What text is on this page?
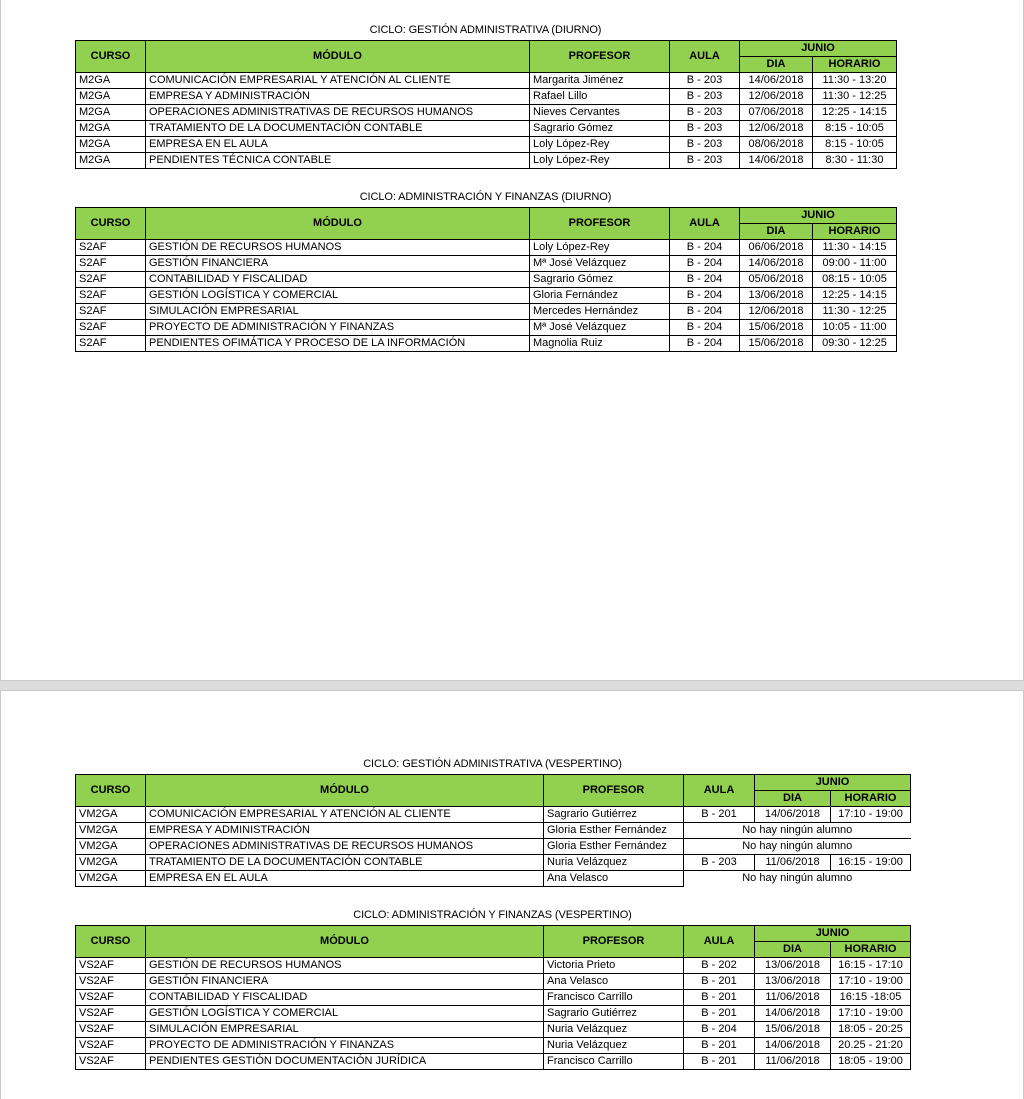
CICLO: GESTIÓN ADMINISTRATIVA (DIURNO)
CURSO	MÓDULO	PROFESOR	AULA	JUNIO	
				DIA	HORARIO
M2GA	COMUNICACIÓN EMPRESARIAL Y ATENCIÓN AL CLIENTE	Margarita Jiménez	B - 203	14/06/2018	11:30 - 13:20
M2GA	EMPRESA Y ADMINISTRACIÓN	Rafael Lillo	B - 203	12/06/2018	11:30 - 12:25
M2GA	OPERACIONES ADMINISTRATIVAS DE RECURSOS HUMANOS	Nieves Cervantes	B - 203	07/06/2018	12:25 - 14:15
M2GA	TRATAMIENTO DE LA DOCUMENTACIÓN CONTABLE	Sagrario Gómez	B - 203	12/06/2018	8:15 - 10:05
M2GA	EMPRESA EN EL AULA	Loly López-Rey	B - 203	08/06/2018	8:15 - 10:05
M2GA	PENDIENTES TÉCNICA CONTABLE	Loly López-Rey	B - 203	14/06/2018	8:30 - 11:30
CICLO: ADMINISTRACIÓN Y FINANZAS (DIURNO)
CURSO	MÓDULO	PROFESOR	AULA	JUNIO	
				DIA	HORARIO
S2AF	GESTIÓN DE RECURSOS HUMANOS	Loly López-Rey	B - 204	06/06/2018	11:30 - 14:15
S2AF	GESTIÓN FINANCIERA	Mª José Velázquez	B - 204	14/06/2018	09:00 - 11:00
S2AF	CONTABILIDAD Y FISCALIDAD	Sagrario Gómez	B - 204	05/06/2018	08:15 - 10:05
S2AF	GESTIÓN LOGÍSTICA Y COMERCIAL	Gloria Fernández	B - 204	13/06/2018	12:25 - 14:15
S2AF	SIMULACIÓN EMPRESARIAL	Mercedes Hernández	B - 204	12/06/2018	11:30 - 12:25
S2AF	PROYECTO DE ADMINISTRACIÓN Y FINANZAS	Mª José Velázquez	B - 204	15/06/2018	10:05 - 11:00
S2AF	PENDIENTES OFIMÁTICA Y PROCESO DE LA INFORMACIÓN	Magnolia Ruiz	B - 204	15/06/2018	09:30 - 12:25
CICLO: GESTIÓN ADMINISTRATIVA (VESPERTINO)
CURSO	MÓDULO	PROFESOR	AULA	JUNIO	
				DIA	HORARIO
VM2GA	COMUNICACIÓN EMPRESARIAL Y ATENCIÓN AL CLIENTE	Sagrario Gutiérrez	B - 201	14/06/2018	17:10 - 19:00
VM2GA	EMPRESA Y ADMINISTRACIÓN	Gloria Esther Fernández	No hay ningún alumno		
VM2GA	OPERACIONES ADMINISTRATIVAS DE RECURSOS HUMANOS	Gloria Esther Fernández	No hay ningún alumno		
VM2GA	TRATAMIENTO DE LA DOCUMENTACIÓN CONTABLE	Nuria Velázquez	B - 203	11/06/2018	16:15 - 19:00
VM2GA	EMPRESA EN EL AULA	Ana Velasco	No hay ningún alumno		
CICLO: ADMINISTRACIÓN Y FINANZAS (VESPERTINO)
CURSO	MÓDULO	PROFESOR	AULA	JUNIO	
				DIA	HORARIO
VS2AF	GESTIÓN DE RECURSOS HUMANOS	Victoria Prieto	B - 202	13/06/2018	16:15 - 17:10
VS2AF	GESTIÓN FINANCIERA	Ana Velasco	B - 201	13/06/2018	17:10 - 19:00
VS2AF	CONTABILIDAD Y FISCALIDAD	Francisco Carrillo	B - 201	11/06/2018	16:15 -18:05
VS2AF	GESTIÓN LOGÍSTICA Y COMERCIAL	Sagrario Gutiérrez	B - 201	14/06/2018	17:10 - 19:00
VS2AF	SIMULACIÓN EMPRESARIAL	Nuria Velázquez	B - 204	15/06/2018	18:05 - 20:25
VS2AF	PROYECTO DE ADMINISTRACIÓN Y FINANZAS	Nuria Velázquez	B - 201	14/06/2018	20.25 - 21:20
VS2AF	PENDIENTES GESTIÓN DOCUMENTACIÓN JURÍDICA	Francisco Carrillo	B - 201	11/06/2018	18:05 - 19:00
